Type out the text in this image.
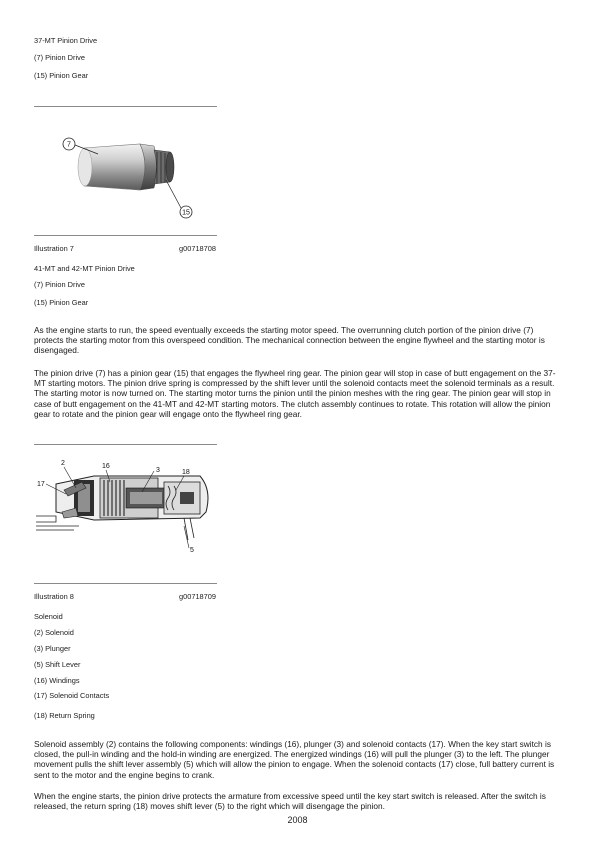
37-MT Pinion Drive
(7) Pinion Drive
(15) Pinion Gear
7
15
Illustration 7	g00718708
41-MT and 42-MT Pinion Drive
(7) Pinion Drive
(15) Pinion Gear
As the engine starts to run, the speed eventually exceeds the starting motor speed. The overrunning clutch portion of the pinion drive (7) protects the starting motor from this overspeed condition. The mechanical connection between the engine flywheel and the starting motor is disengaged.
The pinion drive (7) has a pinion gear (15) that engages the flywheel ring gear. The pinion gear will stop in case of butt engagement on the 37-MT starting motors. The pinion drive spring is compressed by the shift lever until the solenoid contacts meet the solenoid terminals as a result. The starting motor is now turned on. The starting motor turns the pinion until the pinion meshes with the ring gear. The pinion gear will stop in case of butt engagement on the 41-MT and 42-MT starting motors. The clutch assembly continues to rotate. This rotation will allow the pinion gear to rotate and the pinion gear will engage onto the flywheel ring gear.
2	16
3	18
17
5
Illustration 8	g00718709
Solenoid
(2) Solenoid
(3) Plunger
(5) Shift Lever
(16) Windings
(17) Solenoid Contacts
(18) Return Spring
Solenoid assembly (2) contains the following components: windings (16), plunger (3) and solenoid contacts (17). When the key start switch is closed, the pull-in winding and the hold-in winding are energized. The energized windings (16) will pull the plunger (3) to the left. The plunger movement pulls the shift lever assembly (5) which will allow the pinion to engage. When the solenoid contacts (17) close, full battery current is sent to the motor and the engine begins to crank.
When the engine starts, the pinion drive protects the armature from excessive speed until the key start switch is released. After the switch is released, the return spring (18) moves shift lever (5) to the right which will disengage the pinion.
2008
